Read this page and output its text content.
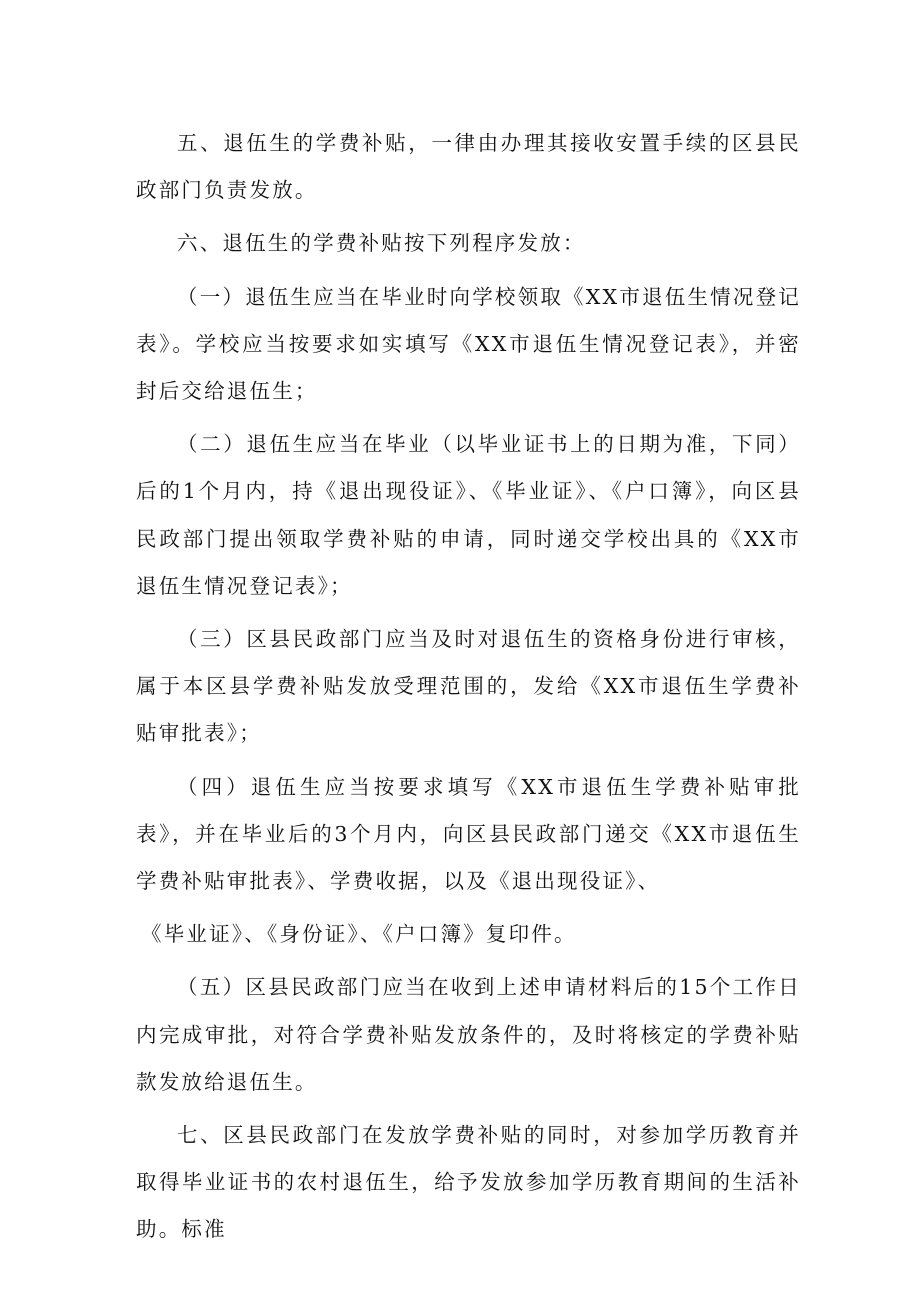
五、退伍生的学费补贴，一律由办理其接收安置手续的区县民政部门负责发放。

六、退伍生的学费补贴按下列程序发放：

（一）退伍生应当在毕业时向学校领取《XX市退伍生情况登记表》。学校应当按要求如实填写《XX市退伍生情况登记表》，并密封后交给退伍生；

（二）退伍生应当在毕业（以毕业证书上的日期为准，下同）后的1个月内，持《退出现役证》、《毕业证》、《户口簿》，向区县民政部门提出领取学费补贴的申请，同时递交学校出具的《XX市退伍生情况登记表》；

（三）区县民政部门应当及时对退伍生的资格身份进行审核，属于本区县学费补贴发放受理范围的，发给《XX市退伍生学费补贴审批表》；

（四）退伍生应当按要求填写《XX市退伍生学费补贴审批表》，并在毕业后的3个月内，向区县民政部门递交《XX市退伍生学费补贴审批表》、学费收据，以及《退出现役证》、

《毕业证》、《身份证》、《户口簿》复印件。

（五）区县民政部门应当在收到上述申请材料后的15个工作日内完成审批，对符合学费补贴发放条件的，及时将核定的学费补贴款发放给退伍生。

七、区县民政部门在发放学费补贴的同时，对参加学历教育并取得毕业证书的农村退伍生，给予发放参加学历教育期间的生活补助。标准
